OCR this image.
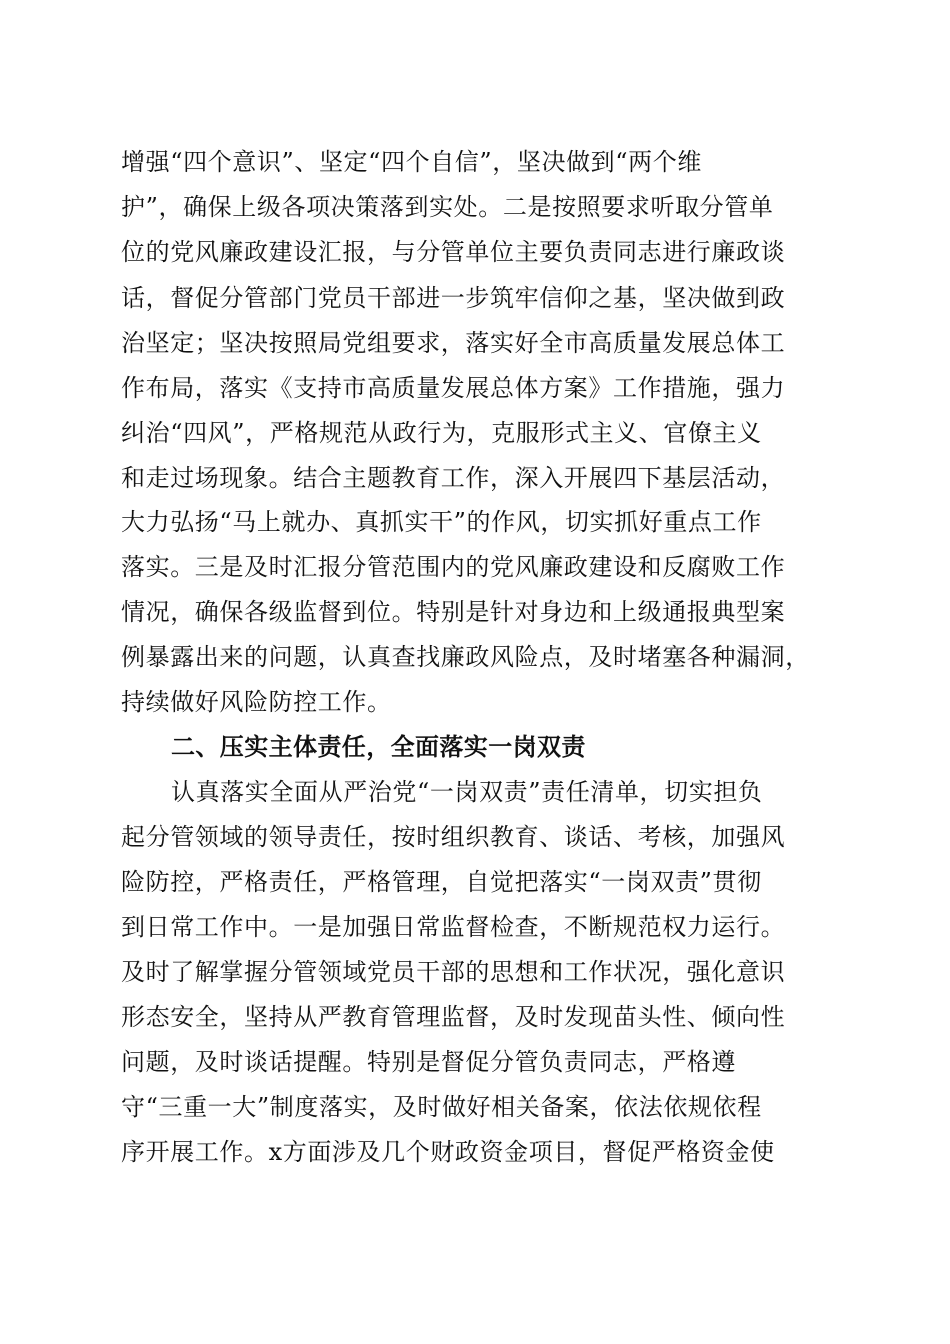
增强“四个意识”、坚定“四个自信”，坚决做到“两个维
护”，确保上级各项决策落到实处。二是按照要求听取分管单
位的党风廉政建设汇报，与分管单位主要负责同志进行廉政谈
话，督促分管部门党员干部进一步筑牢信仰之基，坚决做到政
治坚定；坚决按照局党组要求，落实好全市高质量发展总体工
作布局，落实《支持市高质量发展总体方案》工作措施，强力
纠治“四风”，严格规范从政行为，克服形式主义、官僚主义
和走过场现象。结合主题教育工作，深入开展四下基层活动，
大力弘扬“马上就办、真抓实干”的作风，切实抓好重点工作
落实。三是及时汇报分管范围内的党风廉政建设和反腐败工作
情况，确保各级监督到位。特别是针对身边和上级通报典型案
例暴露出来的问题，认真查找廉政风险点，及时堵塞各种漏洞，
持续做好风险防控工作。
二、压实主体责任，全面落实一岗双责
认真落实全面从严治党“一岗双责”责任清单，切实担负
起分管领域的领导责任，按时组织教育、谈话、考核，加强风
险防控，严格责任，严格管理，自觉把落实“一岗双责”贯彻
到日常工作中。一是加强日常监督检查，不断规范权力运行。
及时了解掌握分管领域党员干部的思想和工作状况，强化意识
形态安全，坚持从严教育管理监督，及时发现苗头性、倾向性
问题，及时谈话提醒。特别是督促分管负责同志，严格遵
守“三重一大”制度落实，及时做好相关备案，依法依规依程
序开展工作。x方面涉及几个财政资金项目，督促严格资金使
